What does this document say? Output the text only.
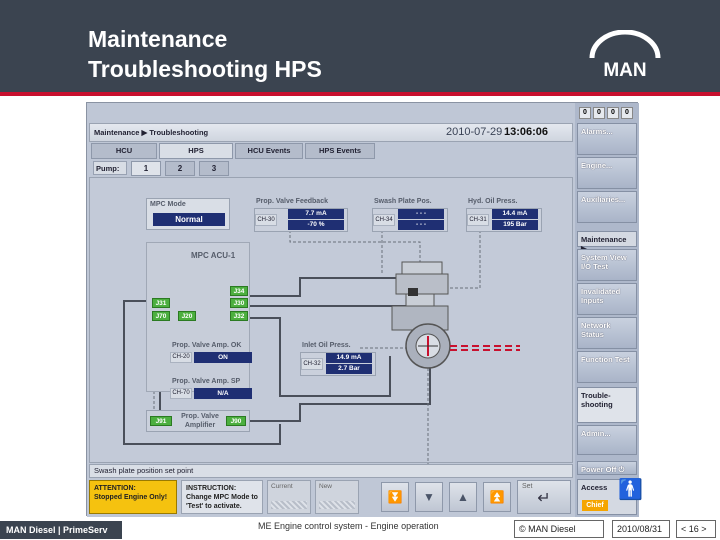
Maintenance
Troubleshooting HPS	MAN
Maintenance ▶ Troubleshooting	2010-07-29 13:06:06
HCU	HPS	HCU Events	HPS Events
Pump:	1	2	3
MPC Mode
Normal
Prop. Valve Feedback
CH-30
7.7 mA
-70 %
Swash Plate Pos.
CH-34
- - -
- - -
Hyd. Oil Press.
CH-31
14.4 mA
195 Bar
MPC ACU-1
J34
J30
J32
J31
J70	J20
Prop. Valve Amp. OK
CH-20	ON
Prop. Valve Amp. SP
CH-70	N/A
J91
Prop. Valve Amplifier
J90
Inlet Oil Press.
CH-32
14.9 mA
2.7 Bar
Swash plate position set point
ATTENTION:
Stopped Engine Only!
INSTRUCTION:
Change MPC Mode to 'Test' to activate.
Current	New
⏬	▼	▲	⏫
Set
↵
0	0	0	0
Alarms...
Engine...
Auxiliaries...
Maintenance
System View I/O Test
Invalidated Inputs
Network Status
Function Test
Trouble-shooting
Admin...
Power Off ⏻
Access
Chief
🚹
MAN Diesel | PrimeServ	ME Engine control system - Engine operation	© MAN Diesel	2010/08/31	< 16 >
